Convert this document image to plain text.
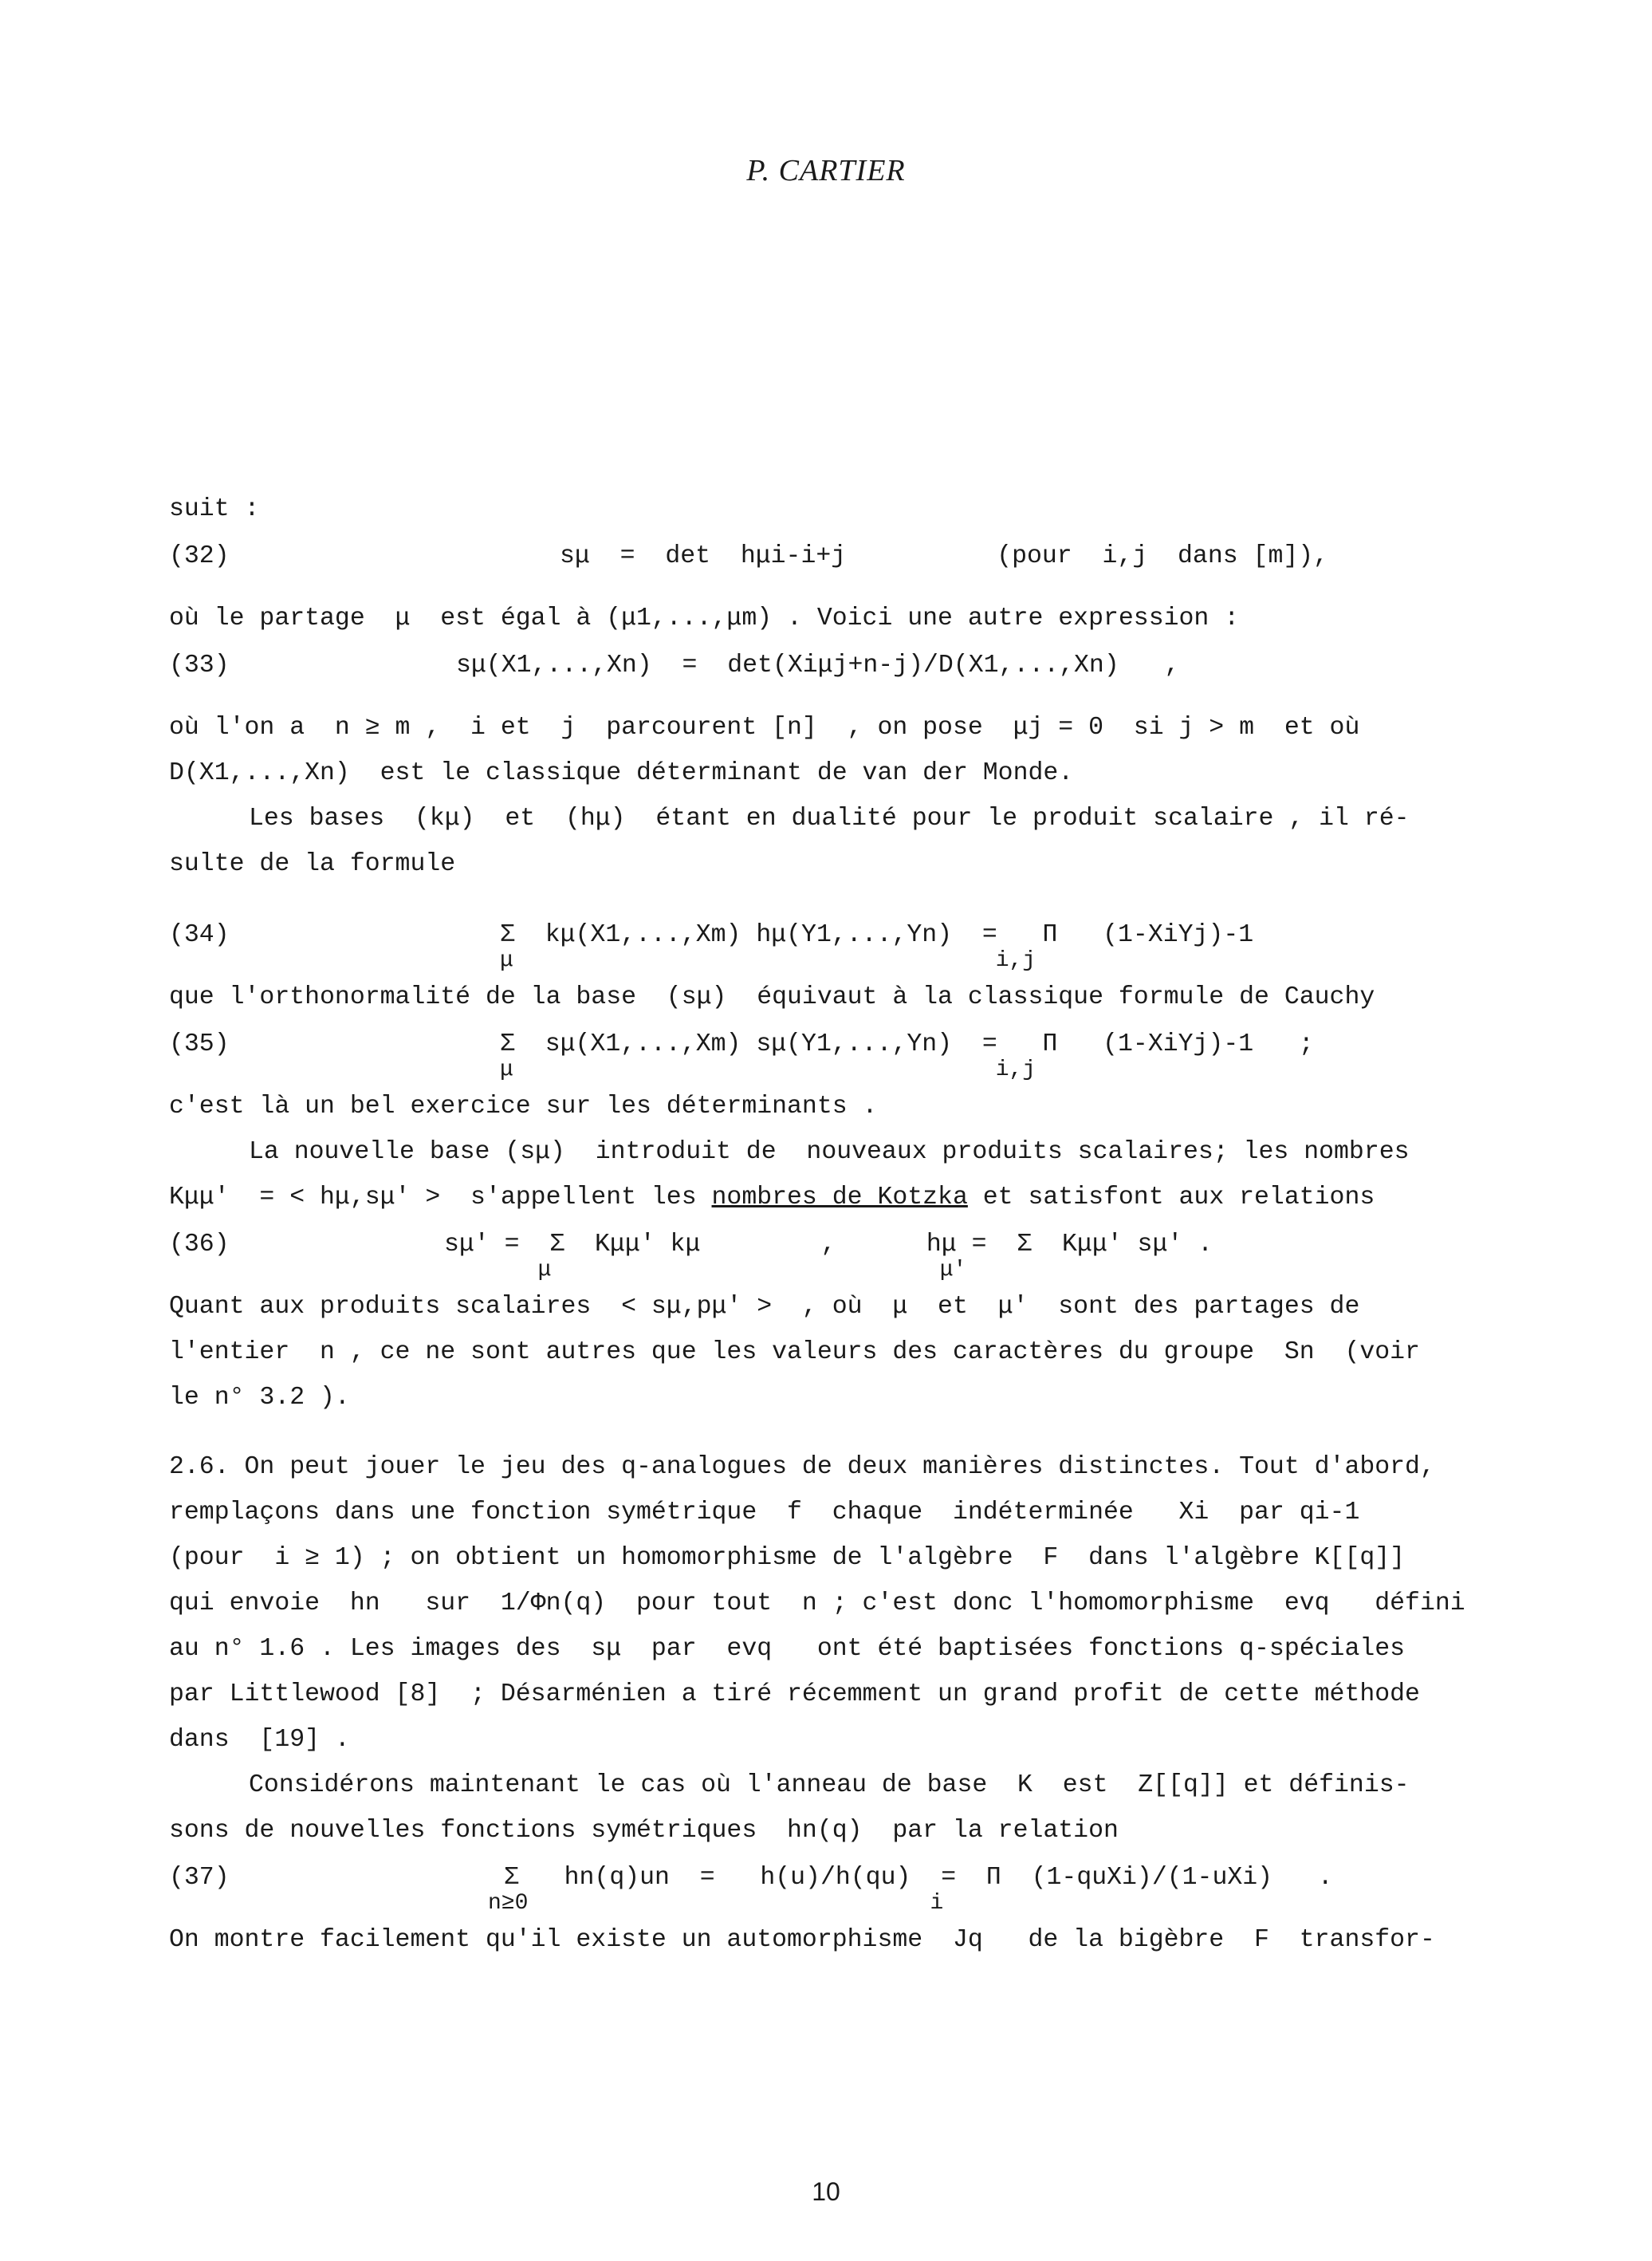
P. CARTIER
suit :

(32)

	sμ  =  det  hμi-i+j          (pour  i,j  dans [m]),

où le partage  μ  est égal à (μ1,...,μm) . Voici une autre expression :

(33)

	sμ(X1,...,Xn)  =  det(Xiμj+n-j)/D(X1,...,Xn)   ,

où l'on a  n ≥ m ,  i et  j  parcourent [n]  , on pose  μj = 0  si j > m  et où
D(X1,...,Xn)  est le classique déterminant de van der Monde.
Les bases  (kμ)  et  (hμ)  étant en dualité pour le produit scalaire , il ré-
sulte de la formule

(34)

	Σ  kμ(X1,...,Xm) hμ(Y1,...,Yn)  =   Π   (1-XiYj)-1

μ                                    i,j

que l'orthonormalité de la base  (sμ)  équivaut à la classique formule de Cauchy

(35)

	Σ  sμ(X1,...,Xm) sμ(Y1,...,Yn)  =   Π   (1-XiYj)-1   ;

μ                                    i,j

c'est là un bel exercice sur les déterminants .
La nouvelle base (sμ)  introduit de  nouveaux produits scalaires; les nombres
Kμμ'  = < hμ,sμ' >  s'appellent les nombres de Kotzka et satisfont aux relations

(36)

	sμ' =  Σ  Kμμ' kμ        ,      hμ =  Σ  Kμμ' sμ' .

μ                             μ'

Quant aux produits scalaires  < sμ,pμ' >  , où  μ  et  μ'  sont des partages de
l'entier  n , ce ne sont autres que les valeurs des caractères du groupe  Sn  (voir
le n° 3.2 ).
2.6. On peut jouer le jeu des q-analogues de deux manières distinctes. Tout d'abord,
remplaçons dans une fonction symétrique  f  chaque  indéterminée   Xi  par qi-1
(pour  i ≥ 1) ; on obtient un homomorphisme de l'algèbre  F  dans l'algèbre K[[q]]
qui envoie  hn   sur  1/Φn(q)  pour tout  n ; c'est donc l'homomorphisme  evq   défini
au n° 1.6 . Les images des  sμ  par  evq   ont été baptisées fonctions q-spéciales
par Littlewood [8]  ; Désarménien a tiré récemment un grand profit de cette méthode
dans  [19] .
Considérons maintenant le cas où l'anneau de base  K  est  Z[[q]] et définis-
sons de nouvelles fonctions symétriques  hn(q)  par la relation

(37)

	Σ   hn(q)un  =   h(u)/h(qu)  =  Π  (1-quXi)/(1-uXi)   .

n≥0                              i

On montre facilement qu'il existe un automorphisme  Jq   de la bigèbre  F  transfor-
10
